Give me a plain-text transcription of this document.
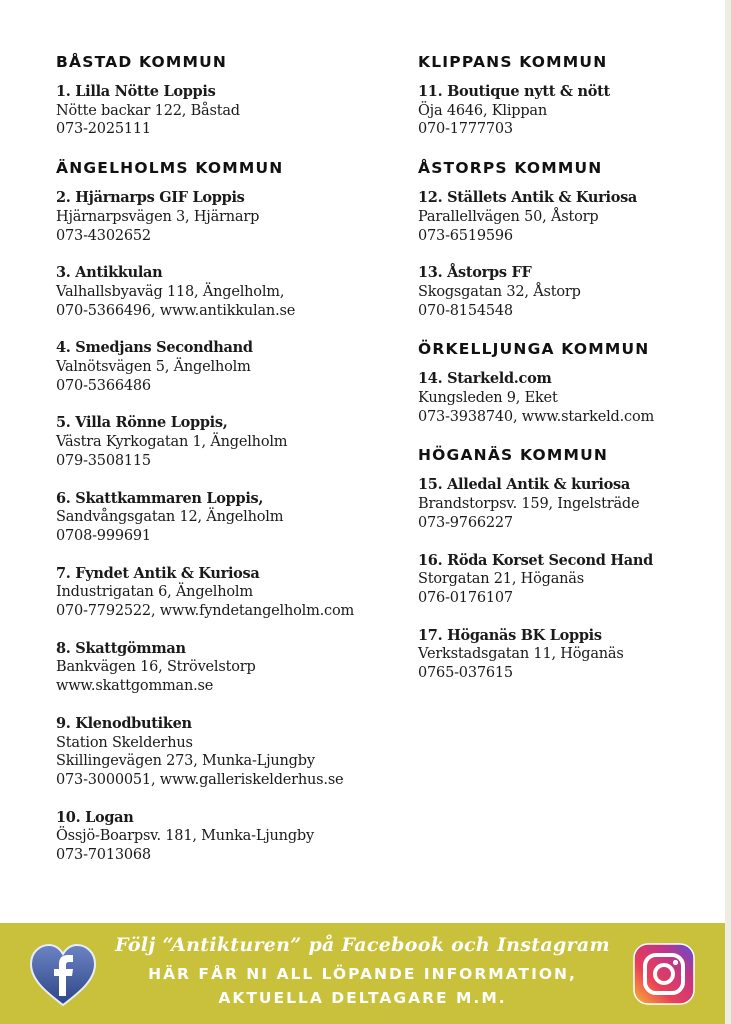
BÅSTAD KOMMUN
1. Lilla Nötte Loppis
Nötte backar 122, Båstad
073-2025111
ÄNGELHOLMS KOMMUN
2. Hjärnarps GIF Loppis
Hjärnarpsvägen 3, Hjärnarp
073-4302652
3. Antikkulan
Valhallsbyaväg 118, Ängelholm,
070-5366496, www.antikkulan.se
4. Smedjans Secondhand
Valnötsvägen 5, Ängelholm
070-5366486
5. Villa Rönne Loppis,
Västra Kyrkogatan 1, Ängelholm
079-3508115
6. Skattkammaren Loppis,
Sandvångsgatan 12, Ängelholm
0708-999691
7. Fyndet Antik & Kuriosa
Industrigatan 6, Ängelholm
070-7792522, www.fyndetangelholm.com
8. Skattgömman
Bankvägen 16, Strövelstorp
www.skattgomman.se
9. Klenodbutiken
Station Skelderhus
Skillingevägen 273, Munka-Ljungby
073-3000051, www.galleriskelderhus.se
10. Logan
Össjö-Boarpsv. 181, Munka-Ljungby
073-7013068
KLIPPANS KOMMUN
11. Boutique nytt & nött
Öja 4646, Klippan
070-1777703
ÅSTORPS KOMMUN
12. Ställets Antik & Kuriosa
Parallellvägen 50, Åstorp
073-6519596
13. Åstorps FF
Skogsgatan 32, Åstorp
070-8154548
ÖRKELLJUNGA KOMMUN
14. Starkeld.com
Kungsleden 9, Eket
073-3938740, www.starkeld.com
HÖGANÄS KOMMUN
15. Alledal Antik & kuriosa
Brandstorpsv. 159, Ingelsträde
073-9766227
16. Röda Korset Second Hand
Storgatan 21, Höganäs
076-0176107
17. Höganäs BK Loppis
Verkstadsgatan 11, Höganäs
0765-037615
Följ “Antikturen” på Facebook och Instagram
HÄR FÅR NI ALL LÖPANDE INFORMATION,
AKTUELLA DELTAGARE M.M.
